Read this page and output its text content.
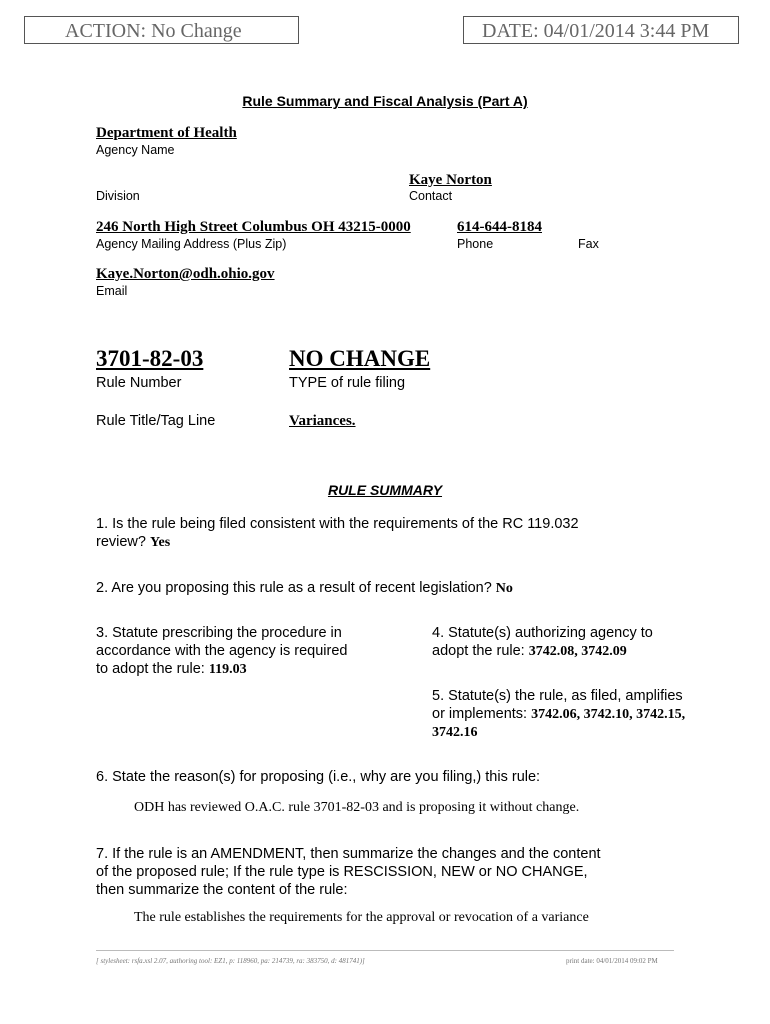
ACTION: No Change	DATE: 04/01/2014 3:44 PM
Rule Summary and Fiscal Analysis (Part A)
Department of Health
Agency Name
Kaye Norton
Division	Contact
246 North High Street Columbus OH 43215-0000	614-644-8184
Agency Mailing Address (Plus Zip)	Phone	Fax
Kaye.Norton@odh.ohio.gov
Email
3701-82-03	NO CHANGE
Rule Number	TYPE of rule filing
Rule Title/Tag Line	Variances.
RULE SUMMARY
1. Is the rule being filed consistent with the requirements of the RC 119.032
review? Yes
2. Are you proposing this rule as a result of recent legislation? No
3. Statute prescribing the procedure in
accordance with the agency is required
to adopt the rule: 119.03
4. Statute(s) authorizing agency to
adopt the rule: 3742.08, 3742.09
5. Statute(s) the rule, as filed, amplifies
or implements: 3742.06, 3742.10, 3742.15,
3742.16
6. State the reason(s) for proposing (i.e., why are you filing,) this rule:
ODH has reviewed O.A.C. rule 3701-82-03 and is proposing it without change.
7. If the rule is an AMENDMENT, then summarize the changes and the content
of the proposed rule; If the rule type is RESCISSION, NEW or NO CHANGE,
then summarize the content of the rule:
The rule establishes the requirements for the approval or revocation of a variance
[ stylesheet: rsfa.xsl 2.07, authoring tool: EZ1, p: 118960, pa: 214739, ra: 383750, d: 481741)]	print date: 04/01/2014 09:02 PM
